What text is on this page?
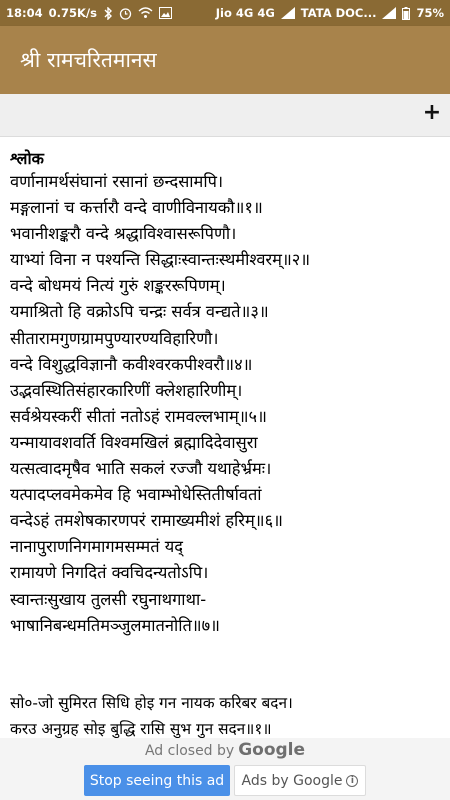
18:04 0.75K/s	Jio 4G 4G TATA DOC...	75%
श्री रामचरितमानस
+
श्लोक
वर्णानामर्थसंघानां रसानां छन्दसामपि।
मङ्गलानां च कर्त्तारौ वन्दे वाणीविनायकौ॥१॥
भवानीशङ्करौ वन्दे श्रद्धाविश्वासरूपिणौ।
याभ्यां विना न पश्यन्ति सिद्धाःस्वान्तःस्थमीश्वरम्॥२॥
वन्दे बोधमयं नित्यं गुरुं शङ्कररूपिणम्।
यमाश्रितो हि वक्रोऽपि चन्द्रः सर्वत्र वन्द्यते॥३॥
सीतारामगुणग्रामपुण्यारण्यविहारिणौ।
वन्दे विशुद्धविज्ञानौ कवीश्वरकपीश्वरौ॥४॥
उद्भवस्थितिसंहारकारिणीं क्लेशहारिणीम्।
सर्वश्रेयस्करीं सीतां नतोऽहं रामवल्लभाम्॥५॥
यन्मायावशवर्ति विश्वमखिलं ब्रह्मादिदेवासुरा
यत्सत्वादमृषैव भाति सकलं रज्जौ यथाहेर्भ्रमः।
यत्पादप्लवमेकमेव हि भवाम्भोधेस्तितीर्षावतां
वन्देऽहं तमशेषकारणपरं रामाख्यमीशं हरिम्॥६॥
नानापुराणनिगमागमसम्मतं यद्
रामायणे निगदितं क्वचिदन्यतोऽपि।
स्वान्तःसुखाय तुलसी रघुनाथगाथा-
भाषानिबन्धमतिमञ्जुलमातनोति॥७॥
सो०-जो सुमिरत सिधि होइ गन नायक करिबर बदन।
करउ अनुग्रह सोइ बुद्धि रासि सुभ गुन सदन॥१॥
Ad closed by Google
Stop seeing this ad	Ads by Google i
